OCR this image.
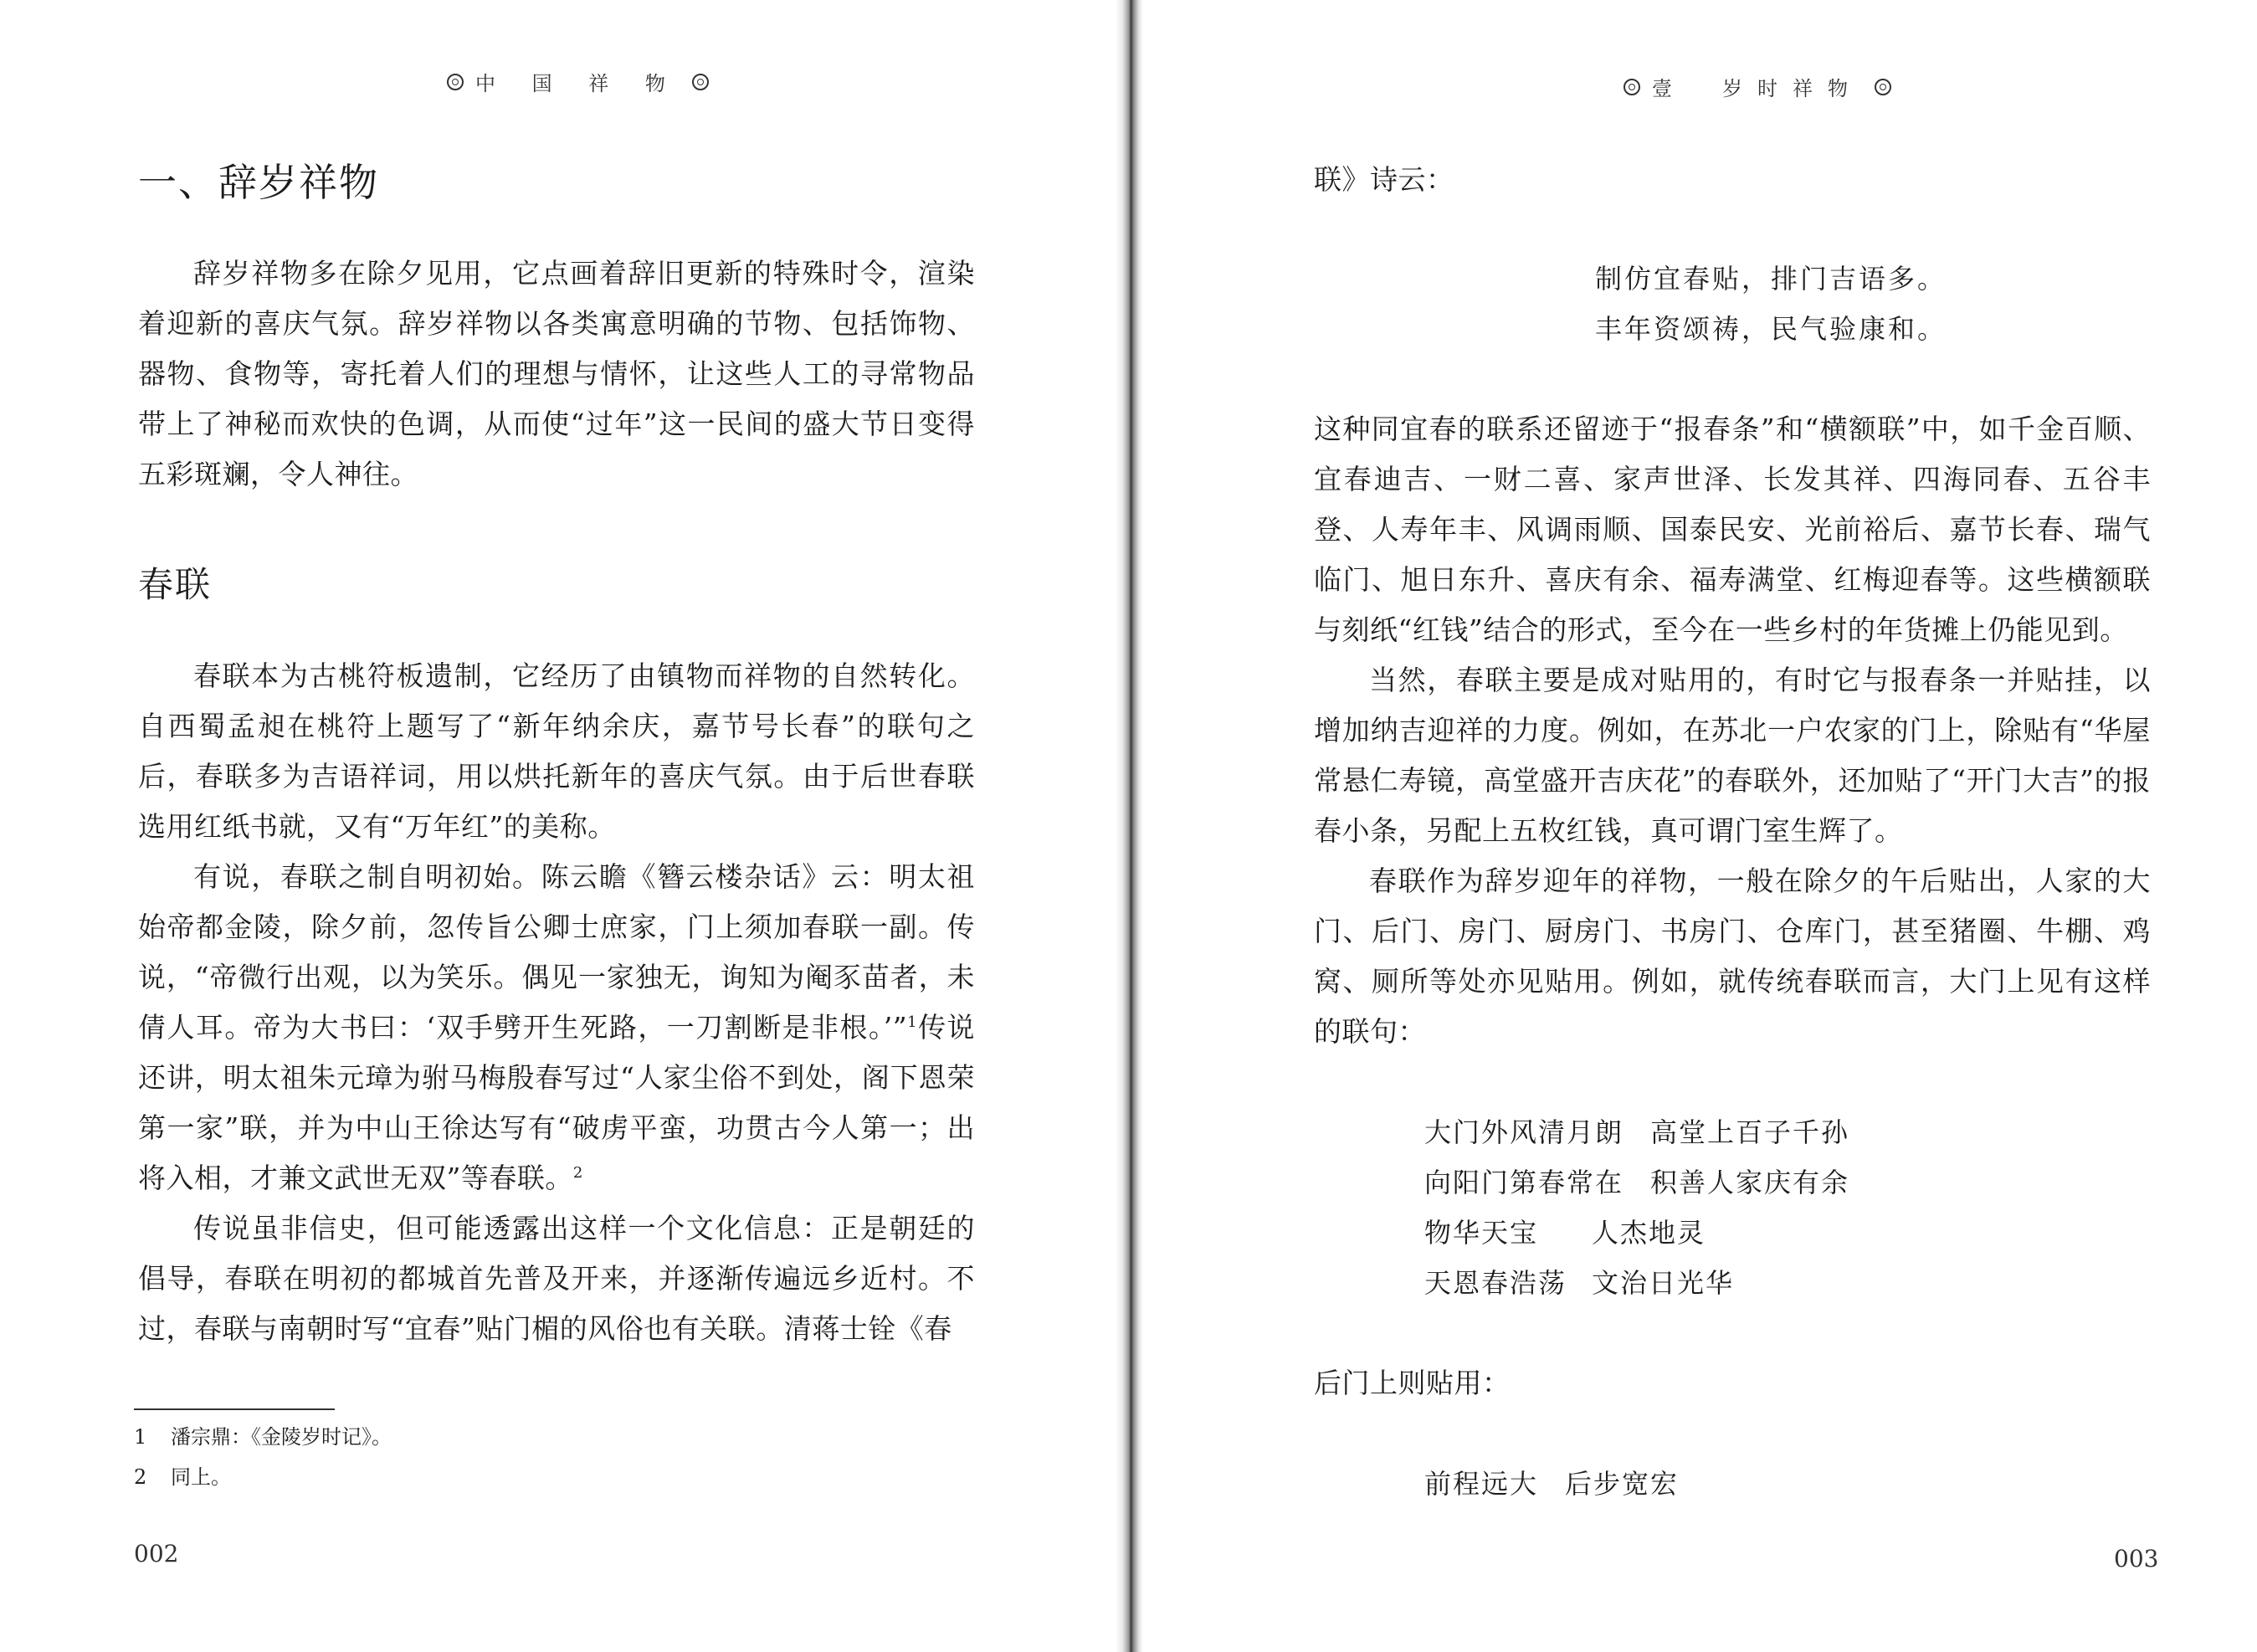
中 国 祥 物
一、辞岁祥物

辞岁祥物多在除夕见用，它点画着辞旧更新的特殊时令，渲染着迎新的喜庆气氛。辞岁祥物以各类寓意明确的节物、包括饰物、器物、食物等，寄托着人们的理想与情怀，让这些人工的寻常物品带上了神秘而欢快的色调，从而使“过年”这一民间的盛大节日变得五彩斑斓，令人神往。

春联

春联本为古桃符板遗制，它经历了由镇物而祥物的自然转化。自西蜀孟昶在桃符上题写了“新年纳余庆，嘉节号长春”的联句之后，春联多为吉语祥词，用以烘托新年的喜庆气氛。由于后世春联选用红纸书就，又有“万年红”的美称。

有说，春联之制自明初始。陈云瞻《簪云楼杂话》云：明太祖始帝都金陵，除夕前，忽传旨公卿士庶家，门上须加春联一副。传说，“帝微行出观，以为笑乐。偶见一家独无，询知为阉豕苗者，未倩人耳。帝为大书曰：‘双手劈开生死路，一刀割断是非根。’”$^1$传说还讲，明太祖朱元璋为驸马梅殷春写过“人家尘俗不到处，阁下恩荣第一家”联，并为中山王徐达写有“破虏平蛮，功贯古今人第一；出将入相，才兼文武世无双”等春联。$^2$

传说虽非信史，但可能透露出这样一个文化信息：正是朝廷的倡导，春联在明初的都城首先普及开来，并逐渐传遍远乡近村。不过，春联与南朝时写“宜春”贴门楣的风俗也有关联。清蒋士铨《春

1 潘宗鼎：《金陵岁时记》。
2 同上。
002
壹　岁时祥物

联》诗云：

制仿宜春贴，排门吉语多。
丰年资颂祷，民气验康和。

这种同宜春的联系还留迹于“报春条”和“横额联”中，如千金百顺、宜春迪吉、一财二喜、家声世泽、长发其祥、四海同春、五谷丰登、人寿年丰、风调雨顺、国泰民安、光前裕后、嘉节长春、瑞气临门、旭日东升、喜庆有余、福寿满堂、红梅迎春等。这些横额联与刻纸“红钱”结合的形式，至今在一些乡村的年货摊上仍能见到。

当然，春联主要是成对贴用的，有时它与报春条一并贴挂，以增加纳吉迎祥的力度。例如，在苏北一户农家的门上，除贴有“华屋常悬仁寿镜，高堂盛开吉庆花”的春联外，还加贴了“开门大吉”的报春小条，另配上五枚红钱，真可谓门室生辉了。

春联作为辞岁迎年的祥物，一般在除夕的午后贴出，人家的大门、后门、房门、厨房门、书房门、仓库门，甚至猪圈、牛棚、鸡窝、厕所等处亦见贴用。例如，就传统春联而言，大门上见有这样的联句：

大门外风清月朗 高堂上百子千孙
向阳门第春常在 积善人家庆有余
物华天宝	人杰地灵
天恩春浩荡 文治日光华

后门上则贴用：

前程远大 后步宽宏
003
